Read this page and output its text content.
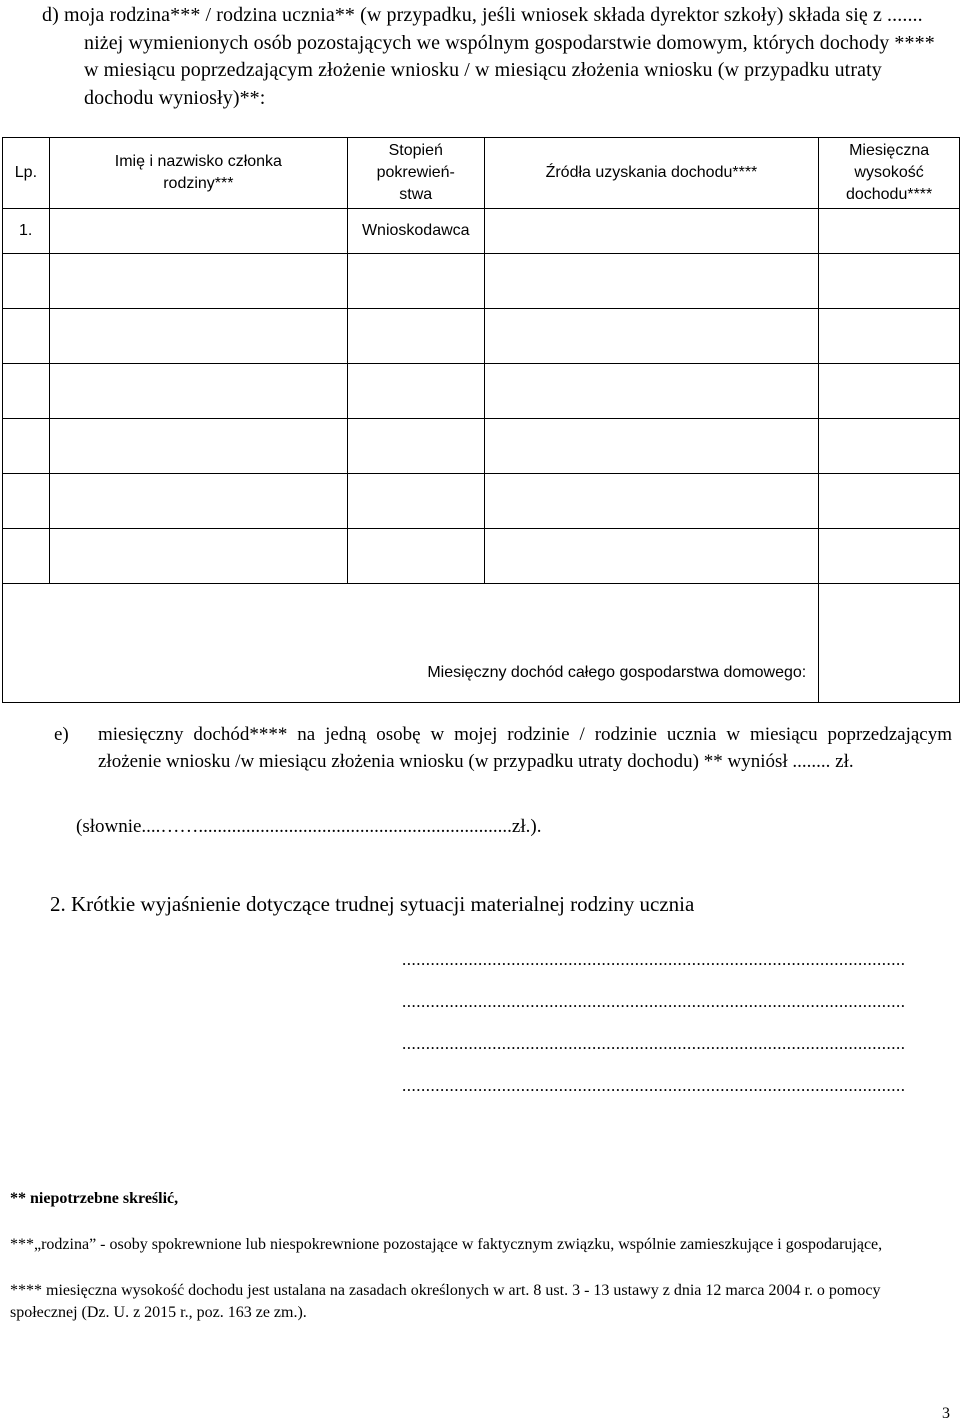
d) moja rodzina*** / rodzina ucznia** (w przypadku, jeśli wniosek składa dyrektor szkoły) składa się z ....... niżej wymienionych osób pozostających we wspólnym gospodarstwie domowym, których dochody **** w miesiącu poprzedzającym złożenie wniosku / w miesiącu złożenia wniosku (w przypadku utraty dochodu wyniosły)**:
Lp.	Imię i nazwisko członka rodziny***	Stopień pokrewień-stwa	Źródła uzyskania dochodu****	Miesięczna wysokość dochodu****

1.		Wnioskodawca		

Miesięczny dochód całego gospodarstwa domowego:				
e)	miesięczny dochód**** na jedną osobę w mojej rodzinie / rodzinie ucznia w miesiącu poprzedzającym złożenie wniosku /w miesiącu złożenia wniosku (w przypadku utraty dochodu) ** wyniósł ........ zł.
(słownie....……..................................................................zł.).
2. Krótkie wyjaśnienie dotyczące trudnej sytuacji materialnej rodziny ucznia
..........................................................................................................
..........................................................................................................
..........................................................................................................
..........................................................................................................
** niepotrzebne skreślić,
***„rodzina” - osoby spokrewnione lub niespokrewnione pozostające w faktycznym związku, wspólnie zamieszkujące i gospodarujące,
**** miesięczna wysokość dochodu jest ustalana na zasadach określonych w art. 8 ust. 3 - 13 ustawy z dnia 12 marca 2004 r. o pomocy społecznej (Dz. U. z 2015 r., poz. 163 ze zm.).
3
